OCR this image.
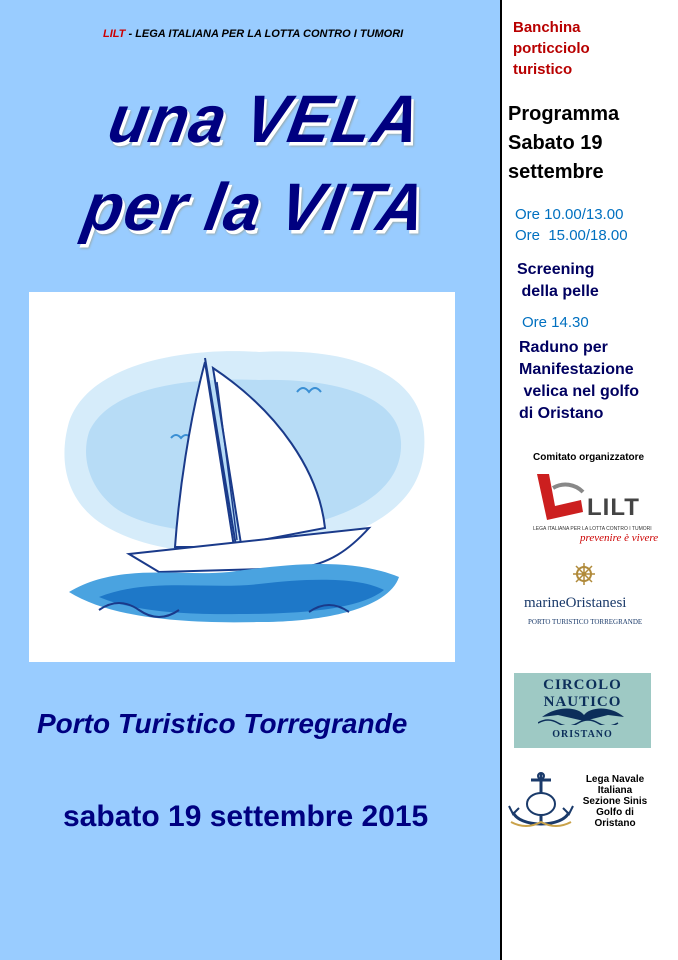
LILT - LEGA ITALIANA PER LA LOTTA CONTRO I TUMORI
una VELA
per la VITA
Porto Turistico Torregrande
sabato 19 settembre 2015
Banchina
porticciolo
turistico
Programma
Sabato 19
settembre
Ore 10.00/13.00
Ore  15.00/18.00
Screening
della pelle
Ore 14.30
Raduno per
Manifestazione
velica nel golfo
di Oristano
Comitato organizzatore
LILT
LEGA ITALIANA PER LA LOTTA CONTRO I TUMORI
prevenire è vivere
marineOristanesi
PORTO TURISTICO TORREGRANDE
CIRCOLO NAUTICO
ORISTANO
Lega Navale
Italiana
Sezione Sinis
Golfo di
Oristano
